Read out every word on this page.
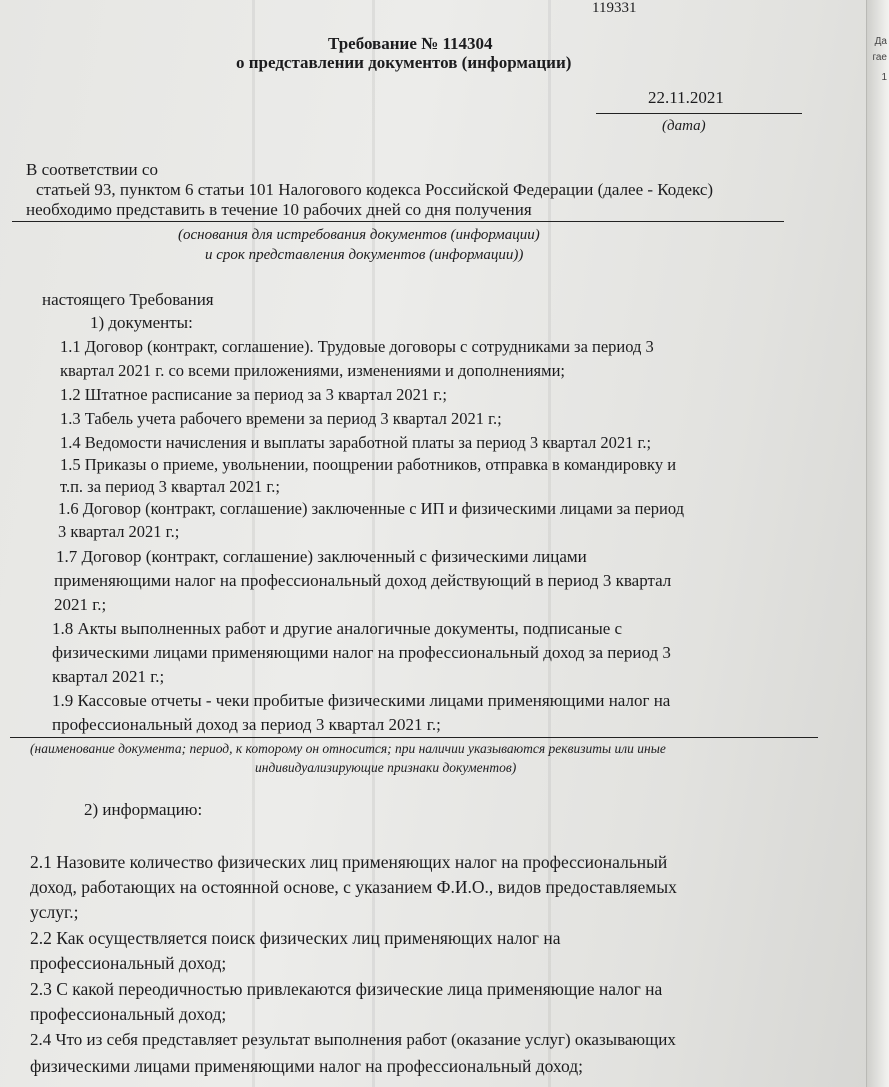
Да
гае
1
119331
Требование № 114304
о представлении документов (информации)
22.11.2021
(дата)
В соответствии со
статьей 93, пунктом 6 статьи 101 Налогового кодекса Российской Федерации (далее - Кодекс)
необходимо представить в течение 10 рабочих дней со дня получения
(основания для истребования документов (информации)
и срок представления документов (информации))
настоящего Требования
1) документы:
1.1 Договор (контракт, соглашение). Трудовые договоры с сотрудниками за период 3
квартал 2021 г. со всеми приложениями, изменениями и дополнениями;
1.2 Штатное расписание за период за 3 квартал 2021 г.;
1.3 Табель учета рабочего времени за период 3 квартал 2021 г.;
1.4 Ведомости начисления и выплаты заработной платы за период 3 квартал 2021 г.;
1.5 Приказы о приеме, увольнении, поощрении работников, отправка в командировку и
т.п. за период 3 квартал 2021 г.;
1.6 Договор (контракт, соглашение) заключенные с ИП и физическими лицами за период
3 квартал 2021 г.;
1.7 Договор (контракт, соглашение) заключенный с физическими лицами
применяющими налог на профессиональный доход действующий в период 3 квартал
2021 г.;
1.8 Акты выполненных работ и другие аналогичные документы, подписаные с
физическими лицами применяющими налог на профессиональный доход за период 3
квартал 2021 г.;
1.9 Кассовые отчеты - чеки пробитые физическими лицами применяющими налог на
профессиональный доход за период 3 квартал 2021 г.;
(наименование документа; период, к которому он относится; при наличии указываются реквизиты или иные
индивидуализирующие признаки документов)
2) информацию:
2.1 Назовите количество физических лиц применяющих налог на профессиональный
доход, работающих на остоянной основе, с указанием Ф.И.О., видов предоставляемых
услуг.;
2.2 Как осуществляется поиск физических лиц применяющих налог на
профессиональный доход;
2.3 С какой переодичностью привлекаются физические лица применяющие налог на
профессиональный доход;
2.4 Что из себя представляет результат выполнения работ (оказание услуг) оказывающих
физическими лицами применяющими налог на профессиональный доход;
